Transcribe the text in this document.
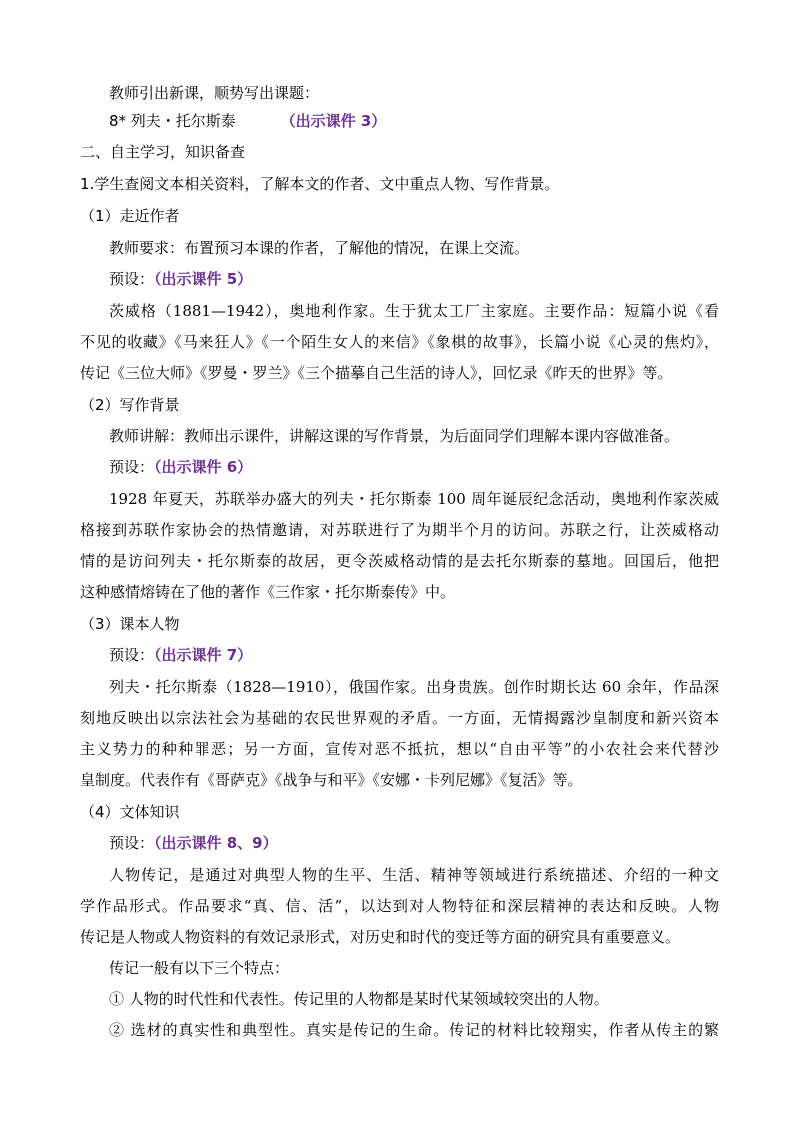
教师引出新课，顺势写出课题：
8* 列夫・托尔斯泰	（出示课件 3）
二、自主学习，知识备查
1.学生查阅文本相关资料，了解本文的作者、文中重点人物、写作背景。
（1）走近作者
教师要求：布置预习本课的作者，了解他的情况，在课上交流。
预设：（出示课件 5）
茨威格（1881—1942），奥地利作家。生于犹太工厂主家庭。主要作品：短篇小说《看
不见的收藏》《马来狂人》《一个陌生女人的来信》《象棋的故事》，长篇小说《心灵的焦灼》，
传记《三位大师》《罗曼・罗兰》《三个描摹自己生活的诗人》，回忆录《昨天的世界》等。
（2）写作背景
教师讲解：教师出示课件，讲解这课的写作背景，为后面同学们理解本课内容做准备。
预设：（出示课件 6）
1928 年夏天，苏联举办盛大的列夫・托尔斯泰 100 周年诞辰纪念活动，奥地利作家茨威
格接到苏联作家协会的热情邀请，对苏联进行了为期半个月的访问。苏联之行，让茨威格动
情的是访问列夫・托尔斯泰的故居，更令茨威格动情的是去托尔斯泰的墓地。回国后，他把
这种感情熔铸在了他的著作《三作家・托尔斯泰传》中。
（3）课本人物
预设：（出示课件 7）
列夫・托尔斯泰（1828—1910），俄国作家。出身贵族。创作时期长达 60 余年，作品深
刻地反映出以宗法社会为基础的农民世界观的矛盾。一方面，无情揭露沙皇制度和新兴资本
主义势力的种种罪恶；另一方面，宣传对恶不抵抗，想以“自由平等”的小农社会来代替沙
皇制度。代表作有《哥萨克》《战争与和平》《安娜・卡列尼娜》《复活》等。
（4）文体知识
预设：（出示课件 8、9）
人物传记，是通过对典型人物的生平、生活、精神等领域进行系统描述、介绍的一种文
学作品形式。作品要求“真、信、活”，以达到对人物特征和深层精神的表达和反映。人物
传记是人物或人物资料的有效记录形式，对历史和时代的变迁等方面的研究具有重要意义。
传记一般有以下三个特点：
① 人物的时代性和代表性。传记里的人物都是某时代某领域较突出的人物。
② 选材的真实性和典型性。真实是传记的生命。传记的材料比较翔实，作者从传主的繁
